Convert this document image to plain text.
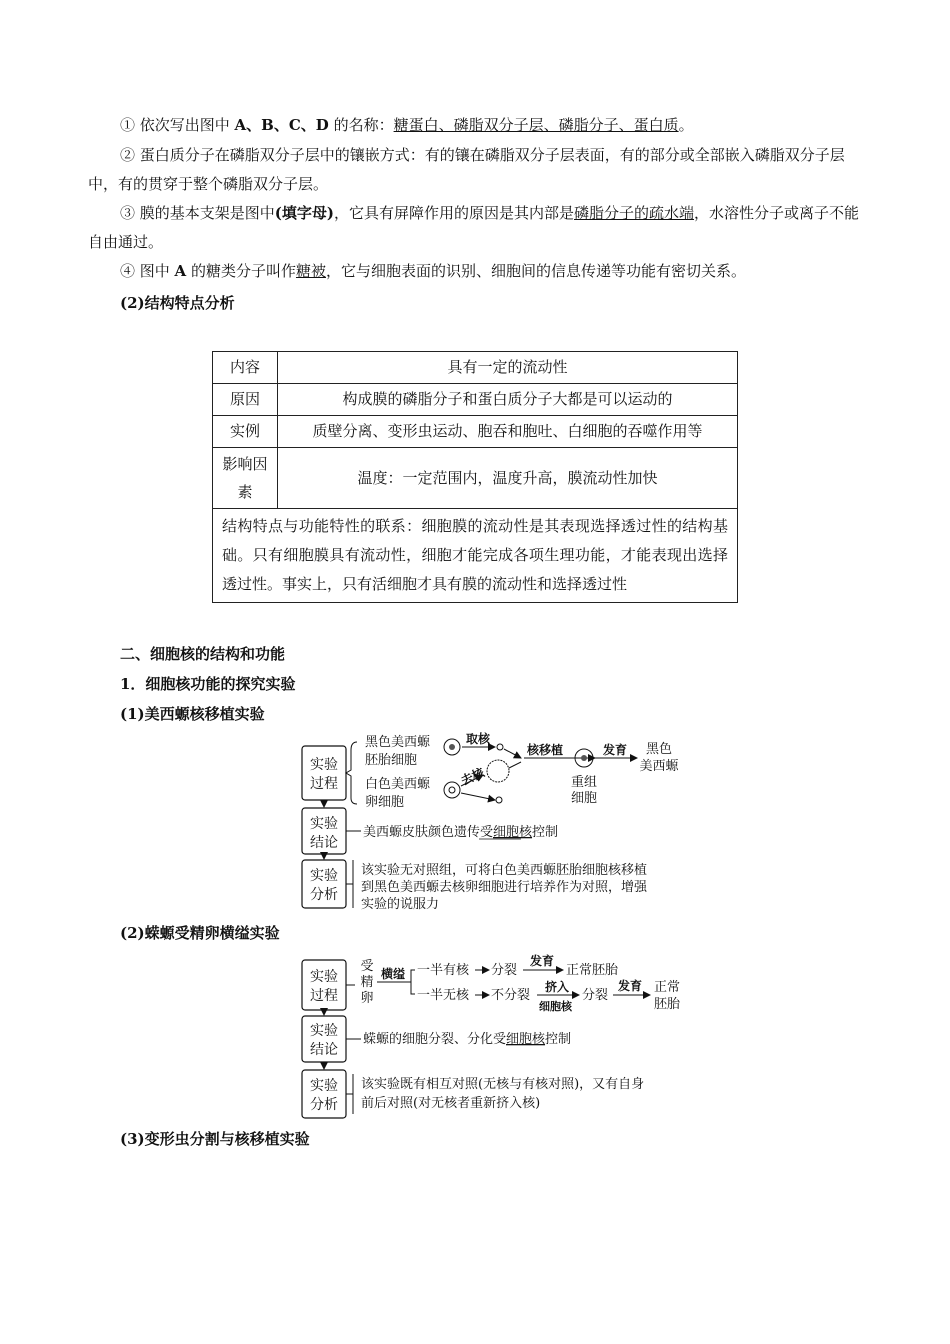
① 依次写出图中 A、B、C、D 的名称：糖蛋白、磷脂双分子层、磷脂分子、蛋白质。
② 蛋白质分子在磷脂双分子层中的镶嵌方式：有的镶在磷脂双分子层表面，有的部分或全部嵌入磷脂双分子层中，有的贯穿于整个磷脂双分子层。
③ 膜的基本支架是图中(填字母)，它具有屏障作用的原因是其内部是磷脂分子的疏水端，水溶性分子或离子不能自由通过。
④ 图中 A 的糖类分子叫作糖被，它与细胞表面的识别、细胞间的信息传递等功能有密切关系。
(2)结构特点分析
内容	具有一定的流动性
原因	构成膜的磷脂分子和蛋白质分子大都是可以运动的
实例	质壁分离、变形虫运动、胞吞和胞吐、白细胞的吞噬作用等
影响因素	温度：一定范围内，温度升高，膜流动性加快
结构特点与功能特性的联系：细胞膜的流动性是其表现选择透过性的结构基础。只有细胞膜具有流动性，细胞才能完成各项生理功能，才能表现出选择透过性。事实上，只有活细胞才具有膜的流动性和选择透过性	
二、细胞核的结构和功能
1．细胞核功能的探究实验
(1)美西螈核移植实验
实验
过程
实验
结论
实验
分析
黑色美西螈
胚胎细胞
白色美西螈
卵细胞
取核
去核
核移植
重组
细胞
发育 黑色
美西螈
美西螈皮肤颜色遗传受细胞核控制
该实验无对照组，可将白色美西螈胚胎细胞核移植
到黑色美西螈去核卵细胞进行培养作为对照，增强
实验的说服力
(2)蝾螈受精卵横缢实验
实验
过程
实验
结论
实验
分析
受
精
卵
横缢 一半有核 分裂
发育
正常胚胎
一半无核 不分裂
挤入
细胞核
分裂
发育 正常
胚胎
蝾螈的细胞分裂、分化受细胞核控制
该实验既有相互对照(无核与有核对照)，又有自身
前后对照(对无核者重新挤入核)
(3)变形虫分割与核移植实验
